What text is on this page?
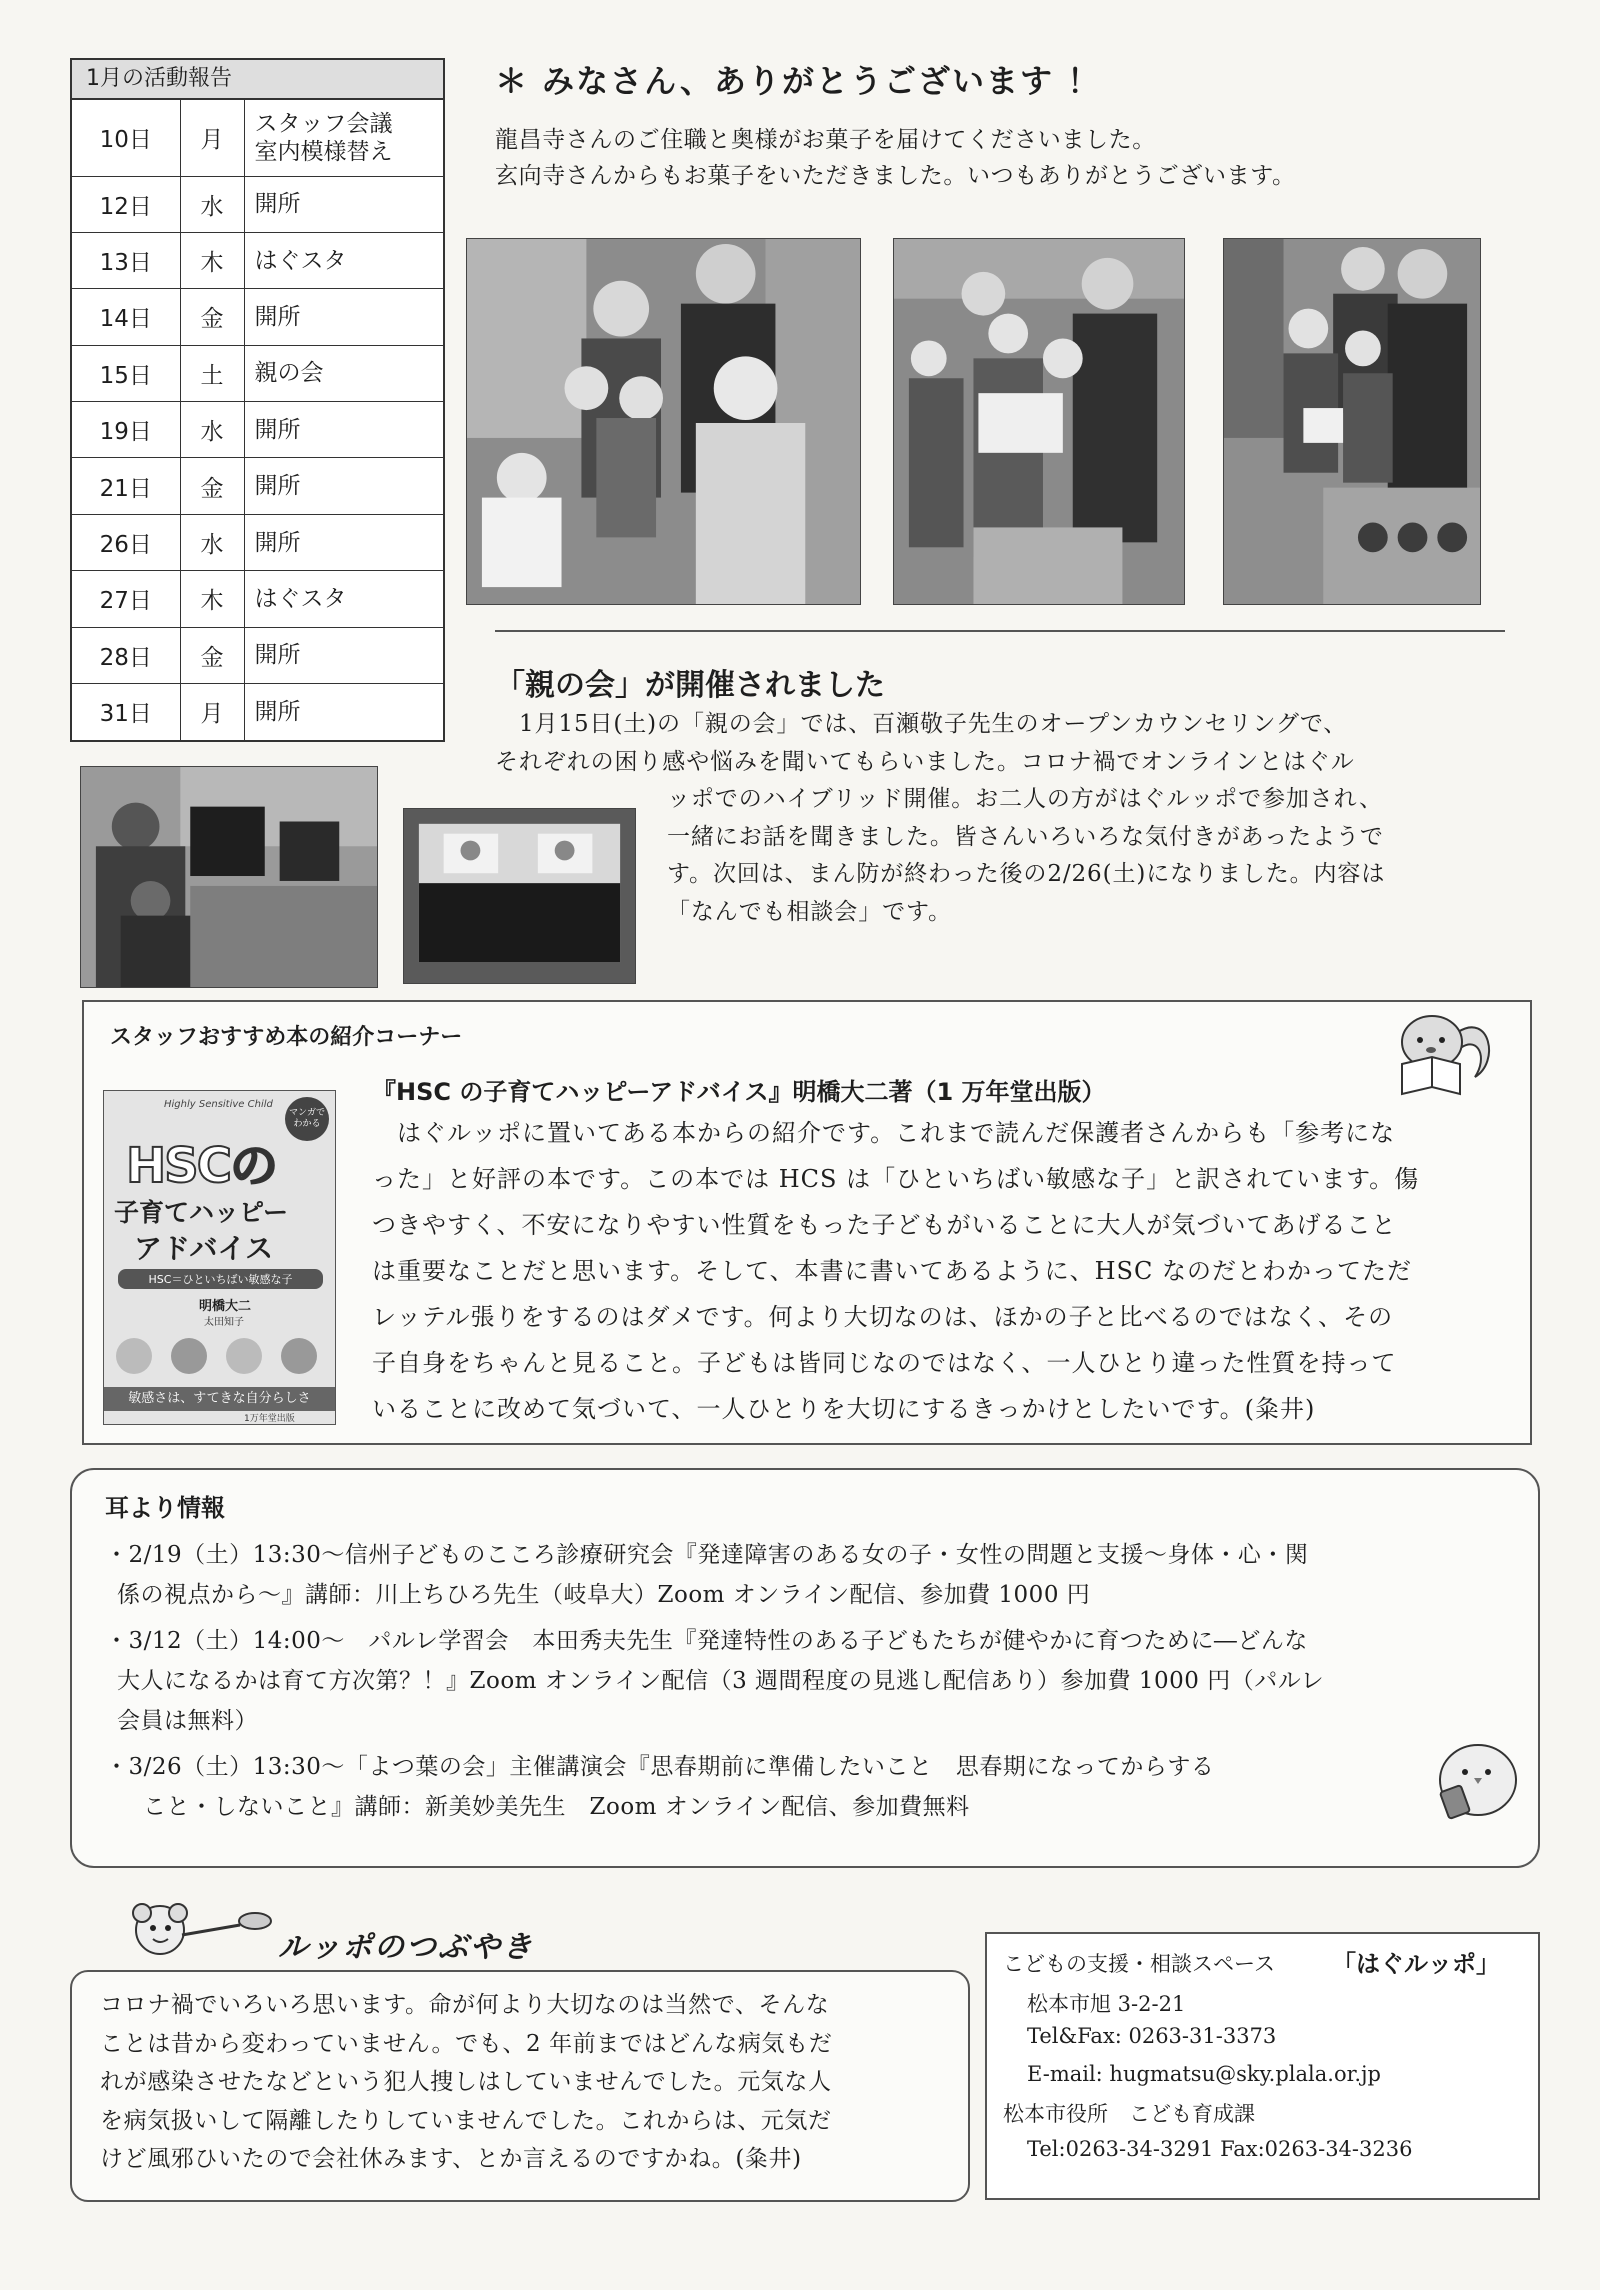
1月の活動報告
10日	月	スタッフ会議
室内模様替え
12日	水	開所
13日	木	はぐスタ
14日	金	開所
15日	土	親の会
19日	水	開所
21日	金	開所
26日	水	開所
27日	木	はぐスタ
28日	金	開所
31日	月	開所
＊ みなさん、ありがとうございます ！
龍昌寺さんのご住職と奥様がお菓子を届けてくださいました。
玄向寺さんからもお菓子をいただきました。いつもありがとうございます。
「親の会」が開催されました
1月15日(土)の「親の会」では、百瀬敬子先生のオープンカウンセリングで、
それぞれの困り感や悩みを聞いてもらいました。コロナ禍でオンラインとはぐル
ッポでのハイブリッド開催。お二人の方がはぐルッポで参加され、
一緒にお話を聞きました。皆さんいろいろな気付きがあったようで
す。次回は、まん防が終わった後の2/26(土)になりました。内容は
「なんでも相談会」です。
スタッフおすすめ本の紹介コーナー
『HSC の子育てハッピーアドバイス』明橋大二著（1 万年堂出版）
　はぐルッポに置いてある本からの紹介です。これまで読んだ保護者さんからも「参考にな
った」と好評の本です。この本では HCS は「ひといちばい敏感な子」と訳されています。傷
つきやすく、不安になりやすい性質をもった子どもがいることに大人が気づいてあげること
は重要なことだと思います。そして、本書に書いてあるように、HSC なのだとわかってただ
レッテル張りをするのはダメです。何より大切なのは、ほかの子と比べるのではなく、その
子自身をちゃんと見ること。子どもは皆同じなのではなく、一人ひとり違った性質を持って
いることに改めて気づいて、一人ひとりを大切にするきっかけとしたいです。(粂井)
Highly Sensitive Child
マンガでわかる
HSCの
子育てハッピー
アドバイス
HSC＝ひといちばい敏感な子
明橋大二
太田知子
敏感さは、すてきな自分らしさ
1万年堂出版
耳より情報
・2/19（土）13:30～信州子どものこころ診療研究会『発達障害のある女の子・女性の問題と支援～身体・心・関
係の視点から～』講師：川上ちひろ先生（岐阜大）Zoom オンライン配信、参加費 1000 円
・3/12（土）14:00～　パルレ学習会　本田秀夫先生『発達特性のある子どもたちが健やかに育つために―どんな
大人になるかは育て方次第？！』Zoom オンライン配信（3 週間程度の見逃し配信あり）参加費 1000 円（パルレ
会員は無料）
・3/26（土）13:30～「よつ葉の会」主催講演会『思春期前に準備したいこと　思春期になってからする
こと・しないこと』講師：新美妙美先生　Zoom オンライン配信、参加費無料
ルッポのつぶやき
コロナ禍でいろいろ思います。命が何より大切なのは当然で、そんな
ことは昔から変わっていません。でも、2 年前まではどんな病気もだ
れが感染させたなどという犯人捜しはしていませんでした。元気な人
を病気扱いして隔離したりしていませんでした。これからは、元気だ
けど風邪ひいたので会社休みます、とか言えるのですかね。(粂井)
こどもの支援・相談スペース 「はぐルッポ」
松本市旭 3-2-21
Tel&Fax: 0263-31-3373
E-mail: hugmatsu@sky.plala.or.jp
松本市役所　こども育成課
Tel:0263-34-3291 Fax:0263-34-3236
